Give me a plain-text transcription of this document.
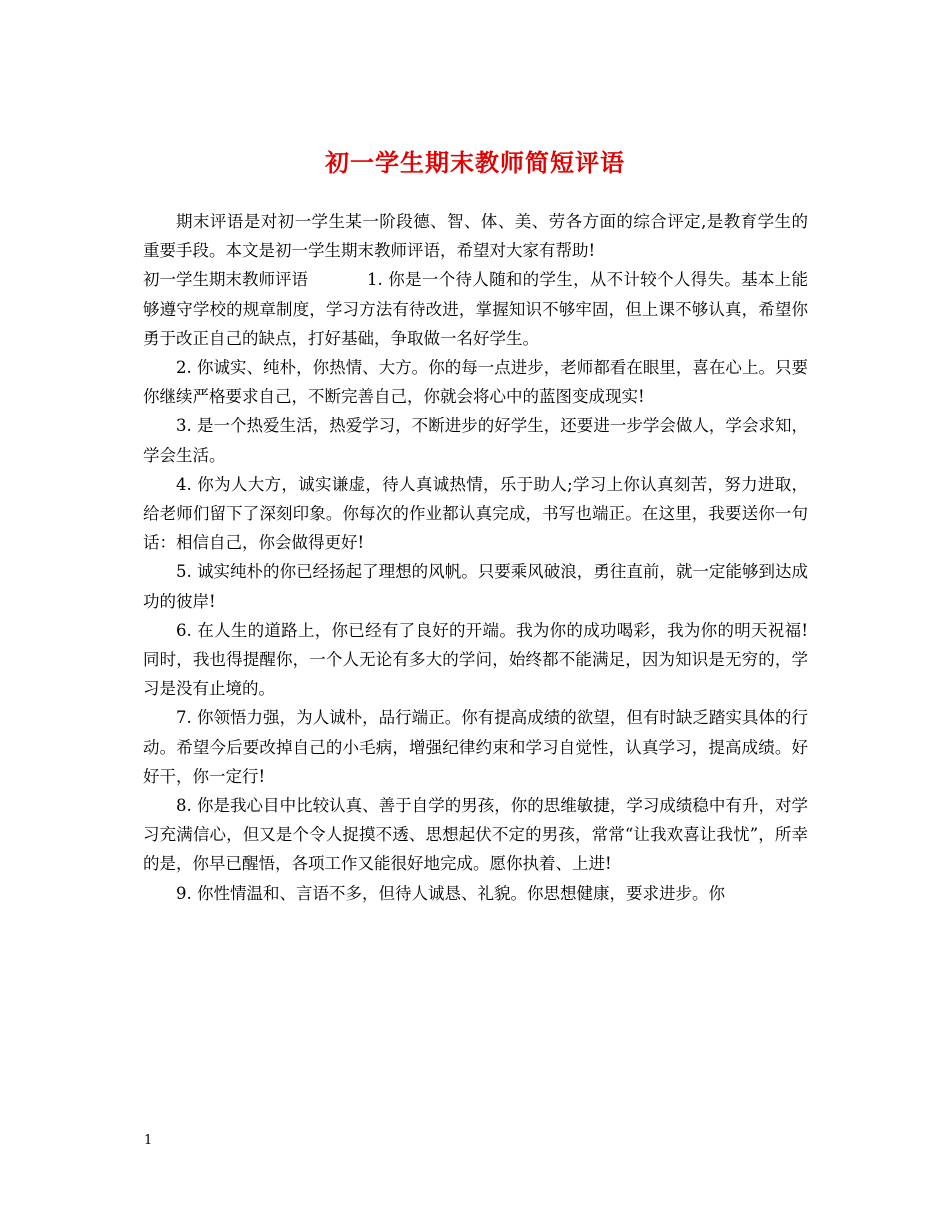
初一学生期末教师简短评语

期末评语是对初一学生某一阶段德、智、体、美、劳各方面的综合评定,是教育学生的重要手段。本文是初一学生期末教师评语，希望对大家有帮助!

初一学生期末教师评语	1. 你是一个待人随和的学生，从不计较个人得失。基本上能够遵守学校的规章制度，学习方法有待改进，掌握知识不够牢固，但上课不够认真，希望你勇于改正自己的缺点，打好基础，争取做一名好学生。

2. 你诚实、纯朴，你热情、大方。你的每一点进步，老师都看在眼里，喜在心上。只要你继续严格要求自己，不断完善自己，你就会将心中的蓝图变成现实!

3. 是一个热爱生活，热爱学习，不断进步的好学生，还要进一步学会做人，学会求知，学会生活。

4. 你为人大方，诚实谦虚，待人真诚热情，乐于助人;学习上你认真刻苦，努力进取，给老师们留下了深刻印象。你每次的作业都认真完成，书写也端正。在这里，我要送你一句话：相信自己，你会做得更好!

5. 诚实纯朴的你已经扬起了理想的风帆。只要乘风破浪，勇往直前，就一定能够到达成功的彼岸!

6. 在人生的道路上，你已经有了良好的开端。我为你的成功喝彩，我为你的明天祝福!同时，我也得提醒你，一个人无论有多大的学问，始终都不能满足，因为知识是无穷的，学习是没有止境的。

7. 你领悟力强，为人诚朴，品行端正。你有提高成绩的欲望，但有时缺乏踏实具体的行动。希望今后要改掉自己的小毛病，增强纪律约束和学习自觉性，认真学习，提高成绩。好好干，你一定行!

8. 你是我心目中比较认真、善于自学的男孩，你的思维敏捷，学习成绩稳中有升，对学习充满信心，但又是个令人捉摸不透、思想起伏不定的男孩，常常“让我欢喜让我忧”，所幸的是，你早已醒悟，各项工作又能很好地完成。愿你执着、上进!

9. 你性情温和、言语不多，但待人诚恳、礼貌。你思想健康，要求进步。你

1
